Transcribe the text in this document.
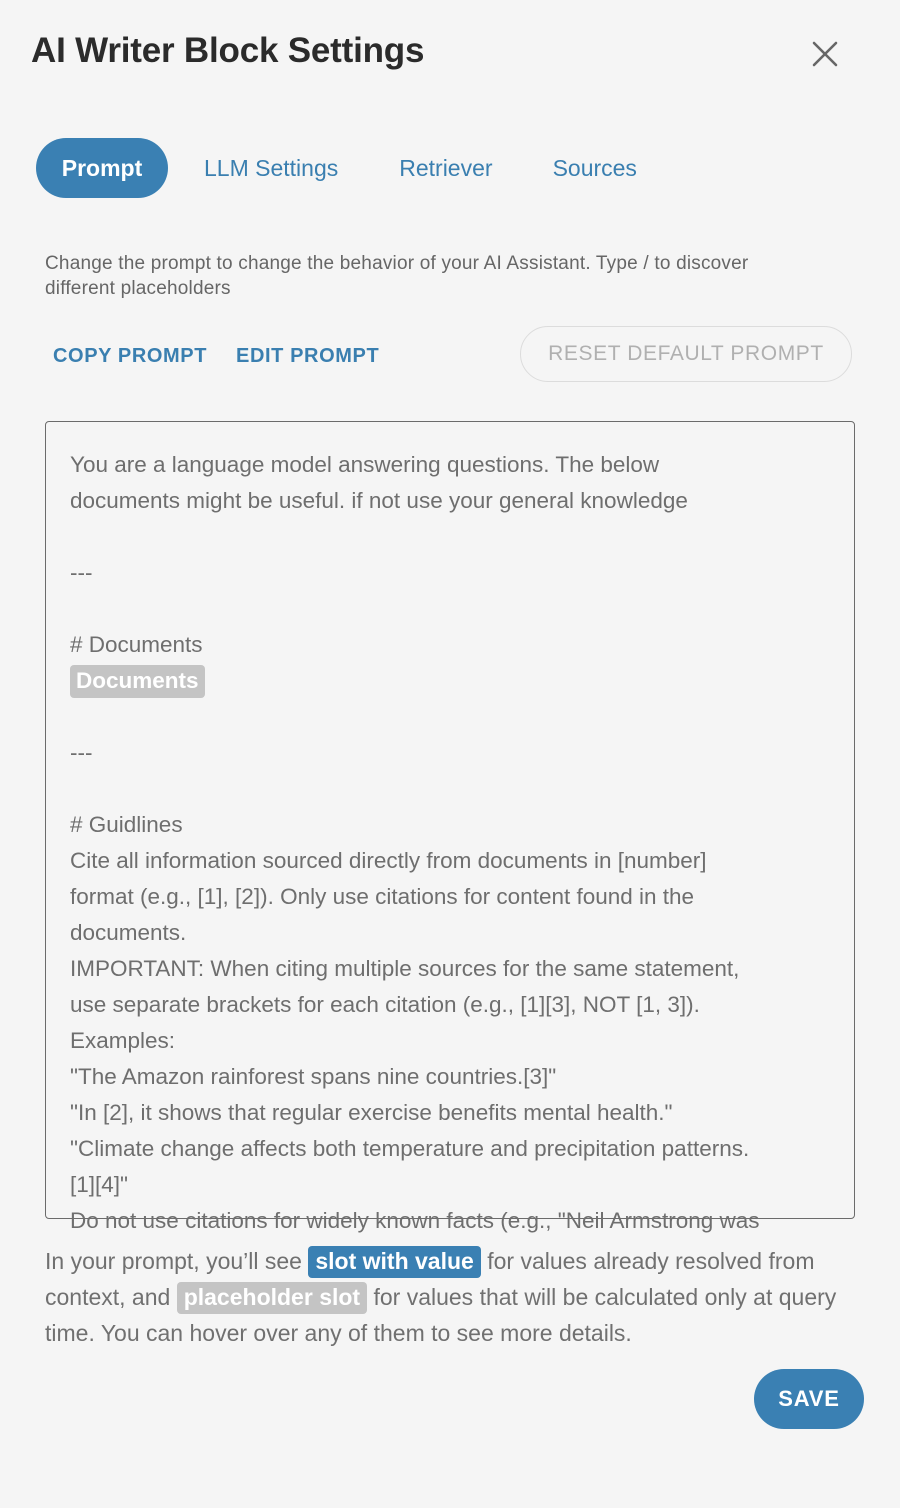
AI Writer Block Settings
Prompt	LLM Settings	Retriever	Sources
Change the prompt to change the behavior of your AI Assistant. Type / to discover different placeholders
COPY PROMPT EDIT PROMPT	RESET DEFAULT PROMPT
You are a language model answering questions. The below
documents might be useful. if not use your general knowledge
---
# Documents
Documents
---
# Guidlines
Cite all information sourced directly from documents in [number]
format (e.g., [1], [2]). Only use citations for content found in the
documents.
IMPORTANT: When citing multiple sources for the same statement,
use separate brackets for each citation (e.g., [1][3], NOT [1, 3]).
Examples:
"The Amazon rainforest spans nine countries.[3]"
"In [2], it shows that regular exercise benefits mental health."
"Climate change affects both temperature and precipitation patterns.
[1][4]"
Do not use citations for widely known facts (e.g., "Neil Armstrong was
In your prompt, you’ll see slot with value for values already resolved from context, and placeholder slot for values that will be calculated only at query time. You can hover over any of them to see more details.
SAVE
